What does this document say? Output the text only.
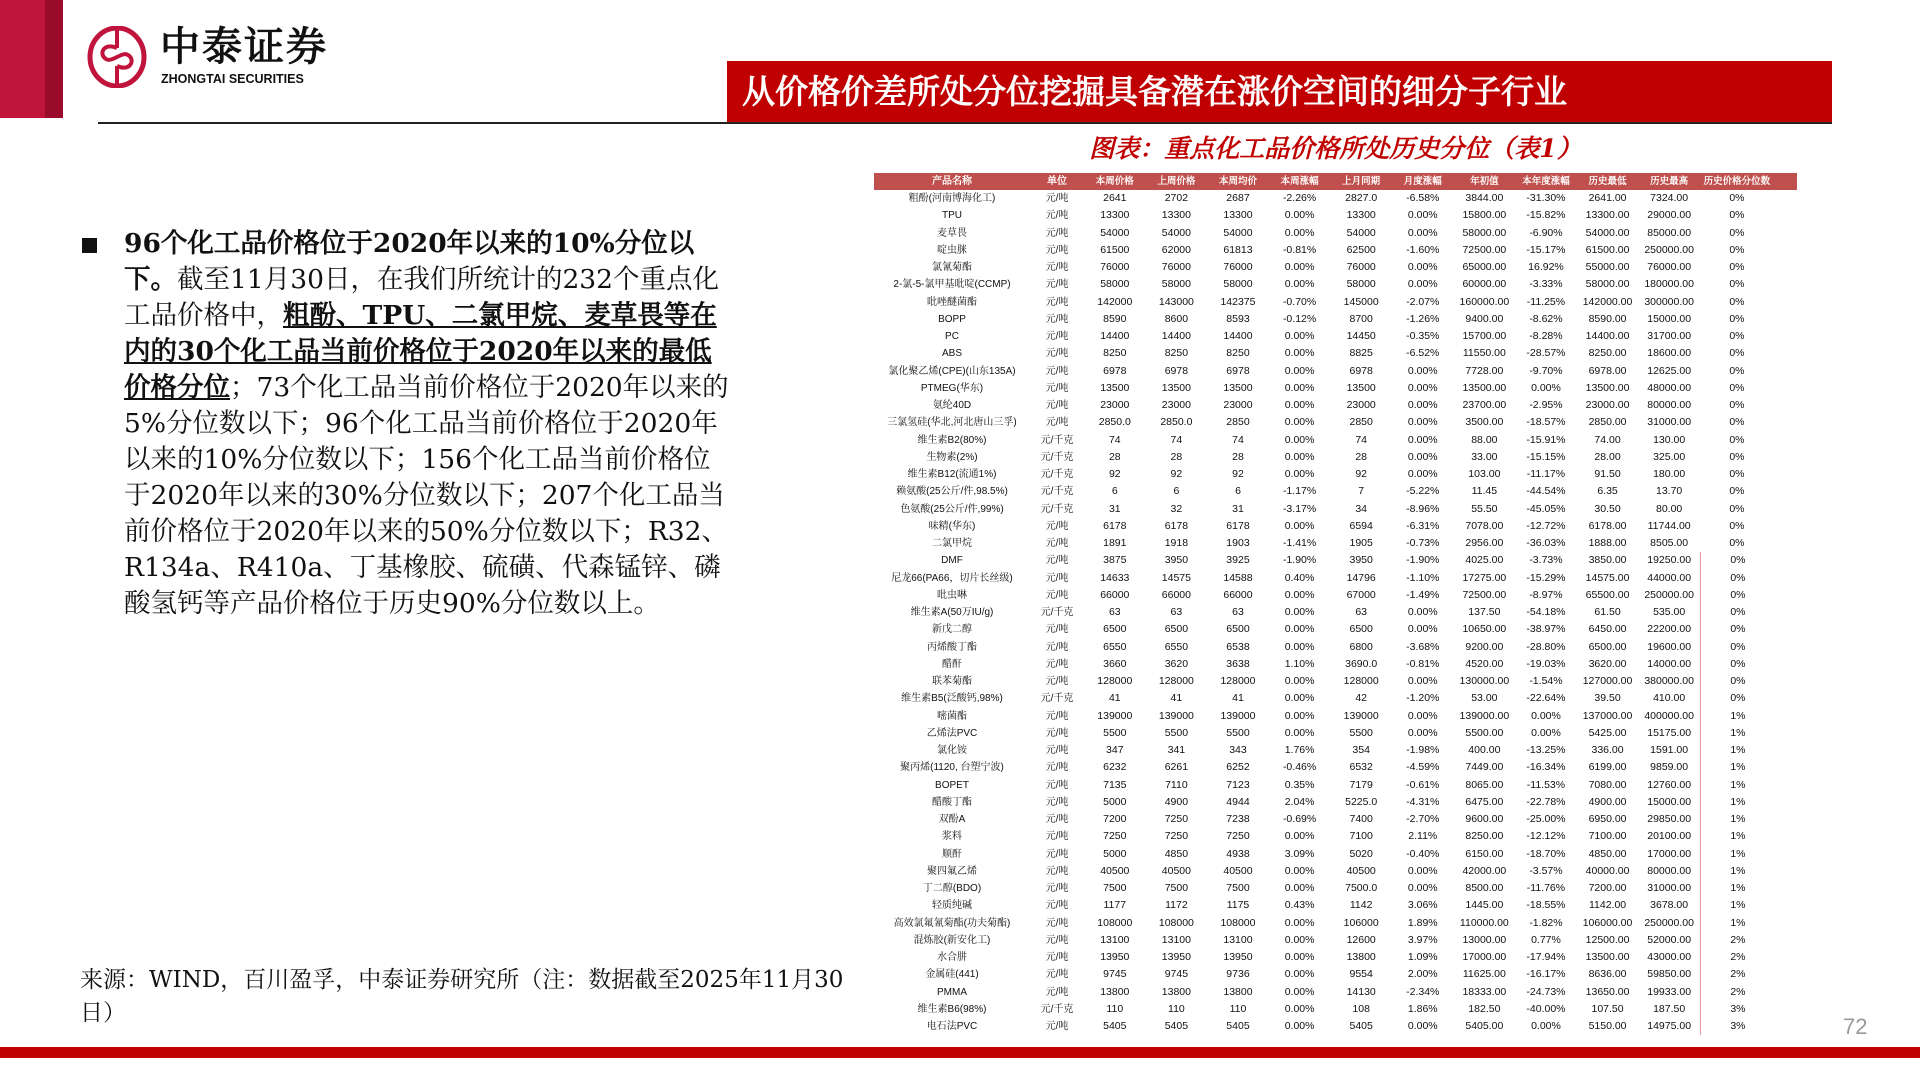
中泰证券
ZHONGTAI SECURITIES	从价格价差所处分位挖掘具备潜在涨价空间的细分子行业
图表：重点化工品价格所处历史分位（表1）
96个化工品价格位于2020年以来的10%分位以下。截至11月30日，在我们所统计的232个重点化工品价格中，粗酚、TPU、二氯甲烷、麦草畏等在内的30个化工品当前价格位于2020年以来的最低价格分位；73个化工品当前价格位于2020年以来的5%分位数以下；96个化工品当前价格位于2020年以来的10%分位数以下；156个化工品当前价格位于2020年以来的30%分位数以下；207个化工品当前价格位于2020年以来的50%分位数以下；R32、R134a、R410a、丁基橡胶、硫磺、代森锰锌、磷酸氢钙等产品价格位于历史90%分位数以上。
来源：WIND，百川盈孚，中泰证券研究所（注：数据截至2025年11月30日）
产品名称	单位	本周价格	上周价格	本周均价	本周涨幅	上月同期	月度涨幅	年初值	本年度涨幅	历史最低	历史最高	历史价格分位数
粗酚(河南博海化工)	元/吨	2641	2702	2687	-2.26%	2827.0	-6.58%	3844.00	-31.30%	2641.00	7324.00	0%
TPU	元/吨	13300	13300	13300	0.00%	13300	0.00%	15800.00	-15.82%	13300.00	29000.00	0%
麦草畏	元/吨	54000	54000	54000	0.00%	54000	0.00%	58000.00	-6.90%	54000.00	85000.00	0%
啶虫脒	元/吨	61500	62000	61813	-0.81%	62500	-1.60%	72500.00	-15.17%	61500.00	250000.00	0%
氯氰菊酯	元/吨	76000	76000	76000	0.00%	76000	0.00%	65000.00	16.92%	55000.00	76000.00	0%
2-氯-5-氯甲基吡啶(CCMP)	元/吨	58000	58000	58000	0.00%	58000	0.00%	60000.00	-3.33%	58000.00	180000.00	0%
吡唑醚菌酯	元/吨	142000	143000	142375	-0.70%	145000	-2.07%	160000.00	-11.25%	142000.00	300000.00	0%
BOPP	元/吨	8590	8600	8593	-0.12%	8700	-1.26%	9400.00	-8.62%	8590.00	15000.00	0%
PC	元/吨	14400	14400	14400	0.00%	14450	-0.35%	15700.00	-8.28%	14400.00	31700.00	0%
ABS	元/吨	8250	8250	8250	0.00%	8825	-6.52%	11550.00	-28.57%	8250.00	18600.00	0%
氯化聚乙烯(CPE)(山东135A)	元/吨	6978	6978	6978	0.00%	6978	0.00%	7728.00	-9.70%	6978.00	12625.00	0%
PTMEG(华东)	元/吨	13500	13500	13500	0.00%	13500	0.00%	13500.00	0.00%	13500.00	48000.00	0%
氨纶40D	元/吨	23000	23000	23000	0.00%	23000	0.00%	23700.00	-2.95%	23000.00	80000.00	0%
三氯氢硅(华北,河北唐山三孚)	元/吨	2850.0	2850.0	2850	0.00%	2850	0.00%	3500.00	-18.57%	2850.00	31000.00	0%
维生素B2(80%)	元/千克	74	74	74	0.00%	74	0.00%	88.00	-15.91%	74.00	130.00	0%
生物素(2%)	元/千克	28	28	28	0.00%	28	0.00%	33.00	-15.15%	28.00	325.00	0%
维生素B12(流通1%)	元/千克	92	92	92	0.00%	92	0.00%	103.00	-11.17%	91.50	180.00	0%
赖氨酸(25公斤/件,98.5%)	元/千克	6	6	6	-1.17%	7	-5.22%	11.45	-44.54%	6.35	13.70	0%
色氨酸(25公斤/件,99%)	元/千克	31	32	31	-3.17%	34	-8.96%	55.50	-45.05%	30.50	80.00	0%
味精(华东)	元/吨	6178	6178	6178	0.00%	6594	-6.31%	7078.00	-12.72%	6178.00	11744.00	0%
二氯甲烷	元/吨	1891	1918	1903	-1.41%	1905	-0.73%	2956.00	-36.03%	1888.00	8505.00	0%
DMF	元/吨	3875	3950	3925	-1.90%	3950	-1.90%	4025.00	-3.73%	3850.00	19250.00	0%
尼龙66(PA66，切片长丝级)	元/吨	14633	14575	14588	0.40%	14796	-1.10%	17275.00	-15.29%	14575.00	44000.00	0%
吡虫啉	元/吨	66000	66000	66000	0.00%	67000	-1.49%	72500.00	-8.97%	65500.00	250000.00	0%
维生素A(50万IU/g)	元/千克	63	63	63	0.00%	63	0.00%	137.50	-54.18%	61.50	535.00	0%
新戊二醇	元/吨	6500	6500	6500	0.00%	6500	0.00%	10650.00	-38.97%	6450.00	22200.00	0%
丙烯酸丁酯	元/吨	6550	6550	6538	0.00%	6800	-3.68%	9200.00	-28.80%	6500.00	19600.00	0%
醋酐	元/吨	3660	3620	3638	1.10%	3690.0	-0.81%	4520.00	-19.03%	3620.00	14000.00	0%
联苯菊酯	元/吨	128000	128000	128000	0.00%	128000	0.00%	130000.00	-1.54%	127000.00	380000.00	0%
维生素B5(泛酸钙,98%)	元/千克	41	41	41	0.00%	42	-1.20%	53.00	-22.64%	39.50	410.00	0%
嘧菌酯	元/吨	139000	139000	139000	0.00%	139000	0.00%	139000.00	0.00%	137000.00	400000.00	1%
乙烯法PVC	元/吨	5500	5500	5500	0.00%	5500	0.00%	5500.00	0.00%	5425.00	15175.00	1%
氯化铵	元/吨	347	341	343	1.76%	354	-1.98%	400.00	-13.25%	336.00	1591.00	1%
聚丙烯(1120, 台塑宁波)	元/吨	6232	6261	6252	-0.46%	6532	-4.59%	7449.00	-16.34%	6199.00	9859.00	1%
BOPET	元/吨	7135	7110	7123	0.35%	7179	-0.61%	8065.00	-11.53%	7080.00	12760.00	1%
醋酸丁酯	元/吨	5000	4900	4944	2.04%	5225.0	-4.31%	6475.00	-22.78%	4900.00	15000.00	1%
双酚A	元/吨	7200	7250	7238	-0.69%	7400	-2.70%	9600.00	-25.00%	6950.00	29850.00	1%
浆料	元/吨	7250	7250	7250	0.00%	7100	2.11%	8250.00	-12.12%	7100.00	20100.00	1%
顺酐	元/吨	5000	4850	4938	3.09%	5020	-0.40%	6150.00	-18.70%	4850.00	17000.00	1%
聚四氟乙烯	元/吨	40500	40500	40500	0.00%	40500	0.00%	42000.00	-3.57%	40000.00	80000.00	1%
丁二醇(BDO)	元/吨	7500	7500	7500	0.00%	7500.0	0.00%	8500.00	-11.76%	7200.00	31000.00	1%
轻质纯碱	元/吨	1177	1172	1175	0.43%	1142	3.06%	1445.00	-18.55%	1142.00	3678.00	1%
高效氯氟氰菊酯(功夫菊酯)	元/吨	108000	108000	108000	0.00%	106000	1.89%	110000.00	-1.82%	106000.00	250000.00	1%
混炼胶(新安化工)	元/吨	13100	13100	13100	0.00%	12600	3.97%	13000.00	0.77%	12500.00	52000.00	2%
水合肼	元/吨	13950	13950	13950	0.00%	13800	1.09%	17000.00	-17.94%	13500.00	43000.00	2%
金属硅(441)	元/吨	9745	9745	9736	0.00%	9554	2.00%	11625.00	-16.17%	8636.00	59850.00	2%
PMMA	元/吨	13800	13800	13800	0.00%	14130	-2.34%	18333.00	-24.73%	13650.00	19933.00	2%
维生素B6(98%)	元/千克	110	110	110	0.00%	108	1.86%	182.50	-40.00%	107.50	187.50	3%
电石法PVC	元/吨	5405	5405	5405	0.00%	5405	0.00%	5405.00	0.00%	5150.00	14975.00	3%	72
